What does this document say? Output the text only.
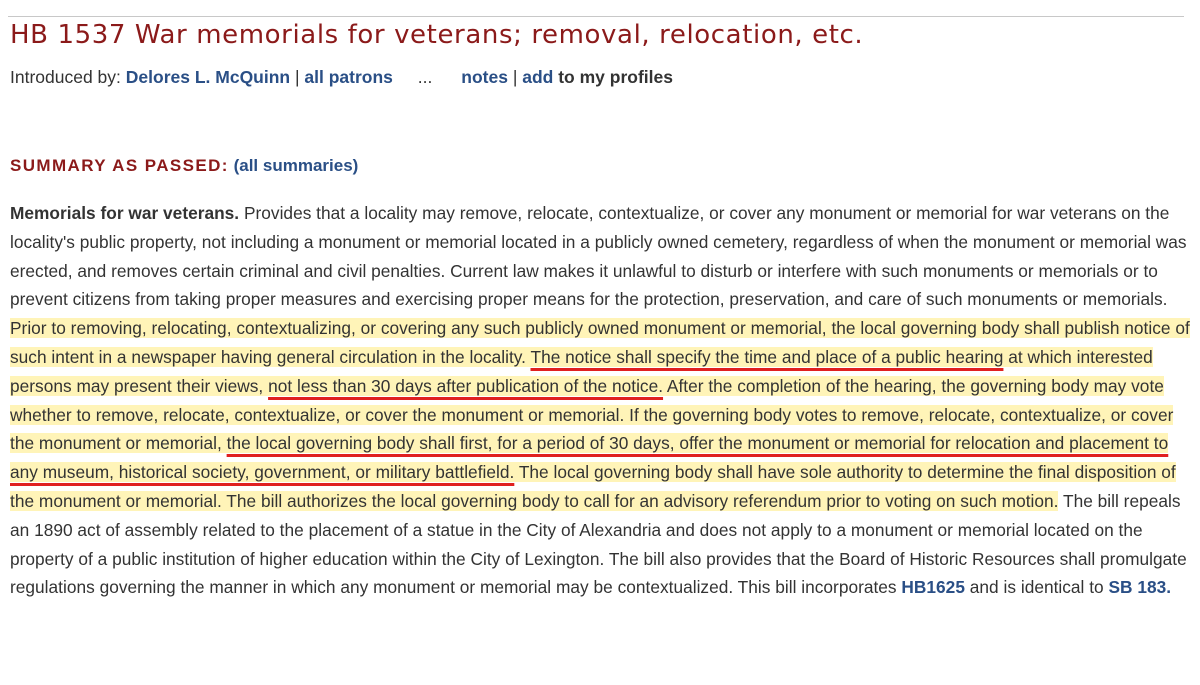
HB 1537 War memorials for veterans; removal, relocation, etc.
Introduced by: Delores L. McQuinn | all patrons ... notes | add to my profiles
SUMMARY AS PASSED: (all summaries)

Memorials for war veterans. Provides that a locality may remove, relocate, contextualize, or cover any monument or memorial for war veterans on the locality's public property, not including a monument or memorial located in a publicly owned cemetery, regardless of when the monument or memorial was erected, and removes certain criminal and civil penalties. Current law makes it unlawful to disturb or interfere with such monuments or memorials or to prevent citizens from taking proper measures and exercising proper means for the protection, preservation, and care of such monuments or memorials. Prior to removing, relocating, contextualizing, or covering any such publicly owned monument or memorial, the local governing body shall publish notice of such intent in a newspaper having general circulation in the locality. The notice shall specify the time and place of a public hearing at which interested persons may present their views, not less than 30 days after publication of the notice. After the completion of the hearing, the governing body may vote whether to remove, relocate, contextualize, or cover the monument or memorial. If the governing body votes to remove, relocate, contextualize, or cover the monument or memorial, the local governing body shall first, for a period of 30 days, offer the monument or memorial for relocation and placement to any museum, historical society, government, or military battlefield. The local governing body shall have sole authority to determine the final disposition of the monument or memorial. The bill authorizes the local governing body to call for an advisory referendum prior to voting on such motion. The bill repeals an 1890 act of assembly related to the placement of a statue in the City of Alexandria and does not apply to a monument or memorial located on the property of a public institution of higher education within the City of Lexington. The bill also provides that the Board of Historic Resources shall promulgate regulations governing the manner in which any monument or memorial may be contextualized. This bill incorporates HB1625 and is identical to SB 183.
